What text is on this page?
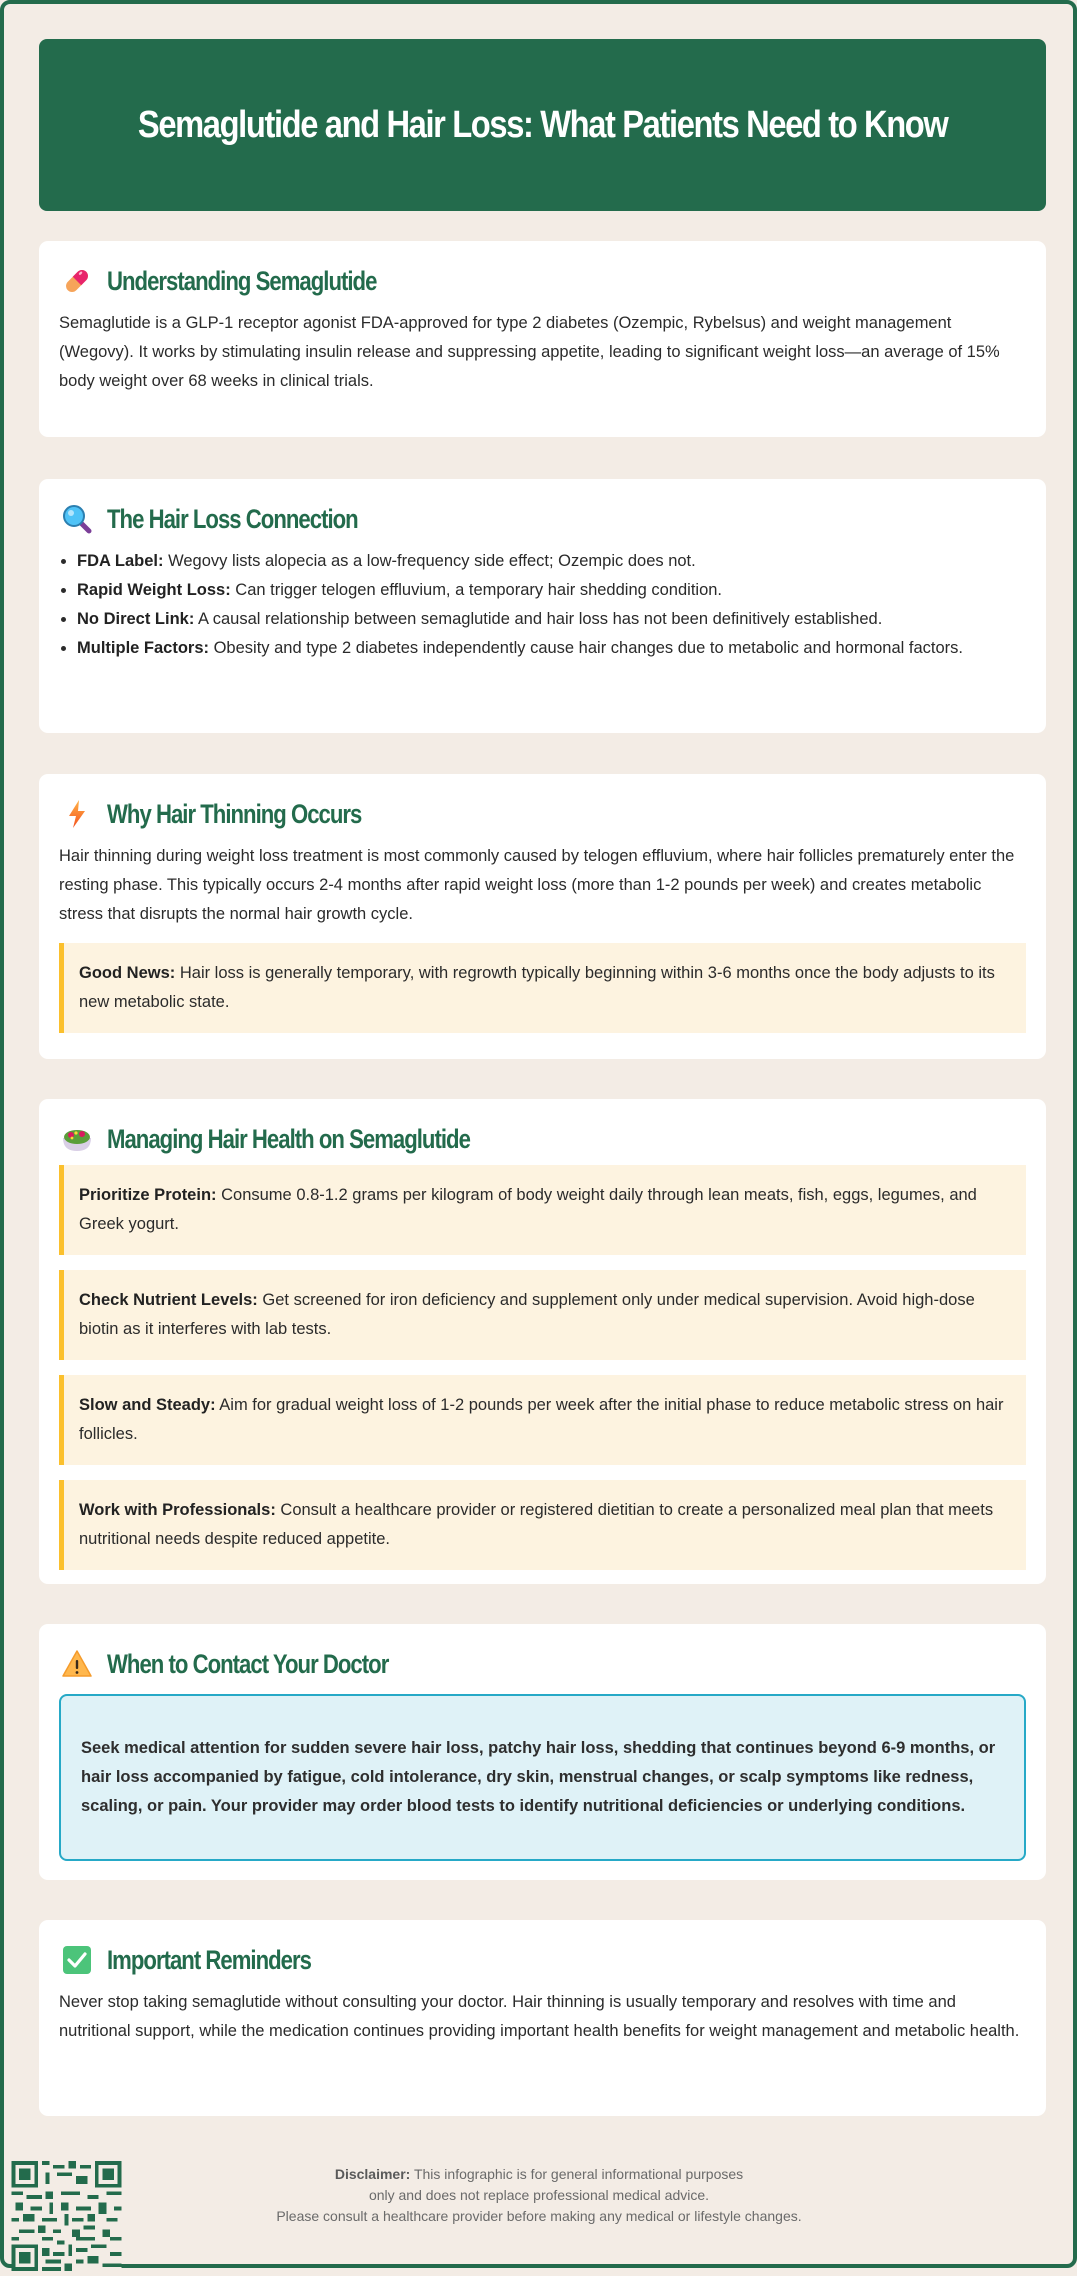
Semaglutide and Hair Loss: What Patients Need to Know
Understanding Semaglutide

Semaglutide is a GLP-1 receptor agonist FDA-approved for type 2 diabetes (Ozempic, Rybelsus) and weight management (Wegovy). It works by stimulating insulin release and suppressing appetite, leading to significant weight loss—an average of 15% body weight over 68 weeks in clinical trials.

The Hair Loss Connection
FDA Label: Wegovy lists alopecia as a low-frequency side effect; Ozempic does not.
Rapid Weight Loss: Can trigger telogen effluvium, a temporary hair shedding condition.
No Direct Link: A causal relationship between semaglutide and hair loss has not been definitively established.
Multiple Factors: Obesity and type 2 diabetes independently cause hair changes due to metabolic and hormonal factors.
Why Hair Thinning Occurs

Hair thinning during weight loss treatment is most commonly caused by telogen effluvium, where hair follicles prematurely enter the resting phase. This typically occurs 2-4 months after rapid weight loss (more than 1-2 pounds per week) and creates metabolic stress that disrupts the normal hair growth cycle.

Good News: Hair loss is generally temporary, with regrowth typically beginning within 3-6 months once the body adjusts to its new metabolic state.
Managing Hair Health on Semaglutide
Prioritize Protein: Consume 0.8-1.2 grams per kilogram of body weight daily through lean meats, fish, eggs, legumes, and Greek yogurt.
Check Nutrient Levels: Get screened for iron deficiency and supplement only under medical supervision. Avoid high-dose biotin as it interferes with lab tests.
Slow and Steady: Aim for gradual weight loss of 1-2 pounds per week after the initial phase to reduce metabolic stress on hair follicles.
Work with Professionals: Consult a healthcare provider or registered dietitian to create a personalized meal plan that meets nutritional needs despite reduced appetite.
When to Contact Your Doctor
Seek medical attention for sudden severe hair loss, patchy hair loss, shedding that continues beyond 6-9 months, or hair loss accompanied by fatigue, cold intolerance, dry skin, menstrual changes, or scalp symptoms like redness, scaling, or pain. Your provider may order blood tests to identify nutritional deficiencies or underlying conditions.
Important Reminders

Never stop taking semaglutide without consulting your doctor. Hair thinning is usually temporary and resolves with time and nutritional support, while the medication continues providing important health benefits for weight management and metabolic health.

Disclaimer: This infographic is for general informational purposes
only and does not replace professional medical advice.
Please consult a healthcare provider before making any medical or lifestyle changes.
